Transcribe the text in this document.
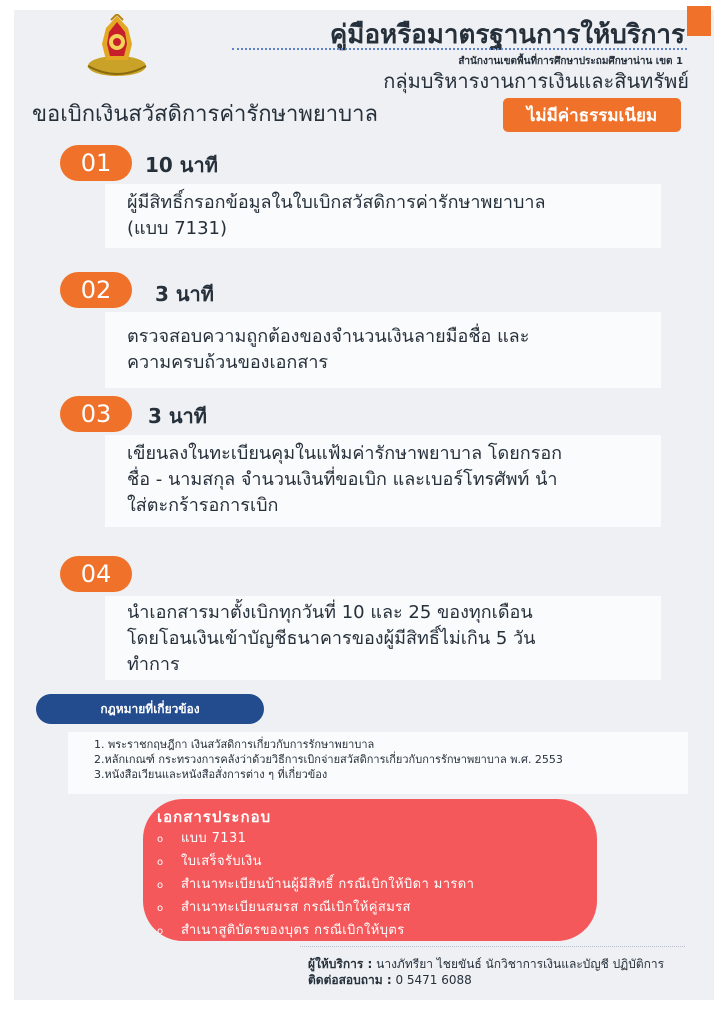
คู่มือหรือมาตรฐานการให้บริการ
สำนักงานเขตพื้นที่การศึกษาประถมศึกษาน่าน เขต 1
กลุ่มบริหารงานการเงินและสินทรัพย์
ขอเบิกเงินสวัสดิการค่ารักษาพยาบาล	ไม่มีค่าธรรมเนียม
01	10 นาที
ผู้มีสิทธิ์กรอกข้อมูลในใบเบิกสวัสดิการค่ารักษาพยาบาล
(แบบ 7131)
02	3 นาที
ตรวจสอบความถูกต้องของจำนวนเงินลายมือชื่อ และ
ความครบถ้วนของเอกสาร
03	3 นาที
เขียนลงในทะเบียนคุมในแฟ้มค่ารักษาพยาบาล โดยกรอก
ชื่อ - นามสกุล จำนวนเงินที่ขอเบิก และเบอร์โทรศัพท์ นำ
ใส่ตะกร้ารอการเบิก
04
นำเอกสารมาตั้งเบิกทุกวันที่ 10 และ 25 ของทุกเดือน
โดยโอนเงินเข้าบัญชีธนาคารของผู้มีสิทธิ์ไม่เกิน 5 วัน
ทำการ
กฎหมายที่เกี่ยวข้อง
1. พระราชกฤษฎีกา เงินสวัสดิการเกี่ยวกับการรักษาพยาบาล
2.หลักเกณฑ์ กระทรวงการคลังว่าด้วยวิธีการเบิกจ่ายสวัสดิการเกี่ยวกับการรักษาพยาบาล พ.ศ. 2553
3.หนังสือเวียนและหนังสือสั่งการต่าง ๆ ที่เกี่ยวข้อง
เอกสารประกอบ
o แบบ 7131
o ใบเสร็จรับเงิน
o สำเนาทะเบียนบ้านผู้มีสิทธิ์ กรณีเบิกให้บิดา มารดา
o สำเนาทะเบียนสมรส กรณีเบิกให้คู่สมรส
o สำเนาสูติบัตรของบุตร กรณีเบิกให้บุตร
ผู้ให้บริการ : นางภัทรียา ไชยขันธ์ นักวิชาการเงินและบัญชี ปฏิบัติการ
ติดต่อสอบถาม : 0 5471 6088
